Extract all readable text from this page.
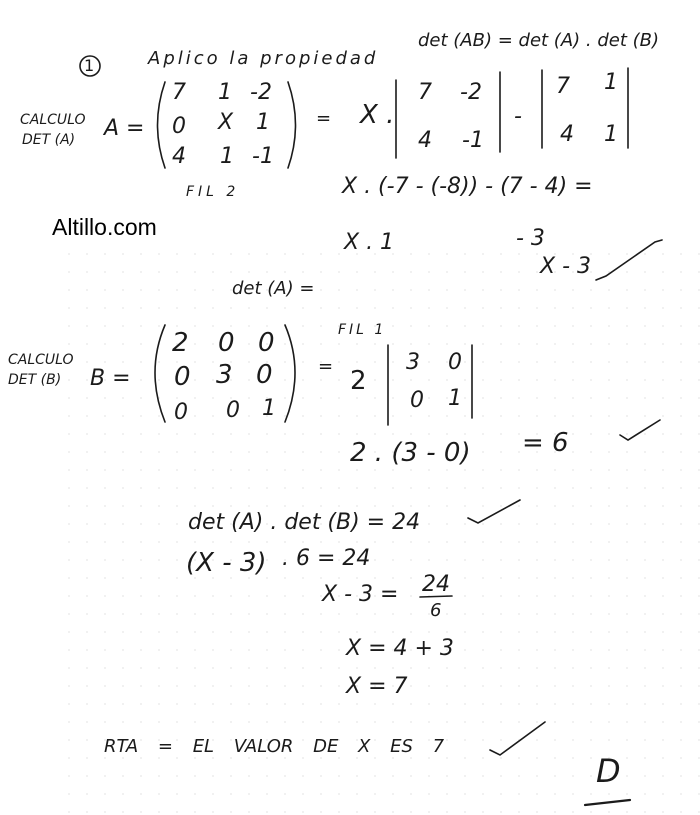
Altillo.com
1	Aplico la propiedad
det (AB) = det (A) . det (B)
CALCULO
DET (A) A =
7 1 -2
0 X 1
4 1 -1
=
FIL 2
X .
7 -2
4 -1
-
7 1
4 1
X . (-7 - (-8)) - (7 - 4) =
X . 1	- 3
X - 3
det (A) =
CALCULO
DET (B) B =
2 0 0
0 3 0
0 0 1
=
FIL 1
2
3 0
0 1
2 . (3 - 0) = 6
det (A) . det (B) = 24
(X - 3) . 6 = 24
X - 3 = 24
6
X = 4 + 3
X = 7
RTA = EL VALOR DE X ES 7
D
